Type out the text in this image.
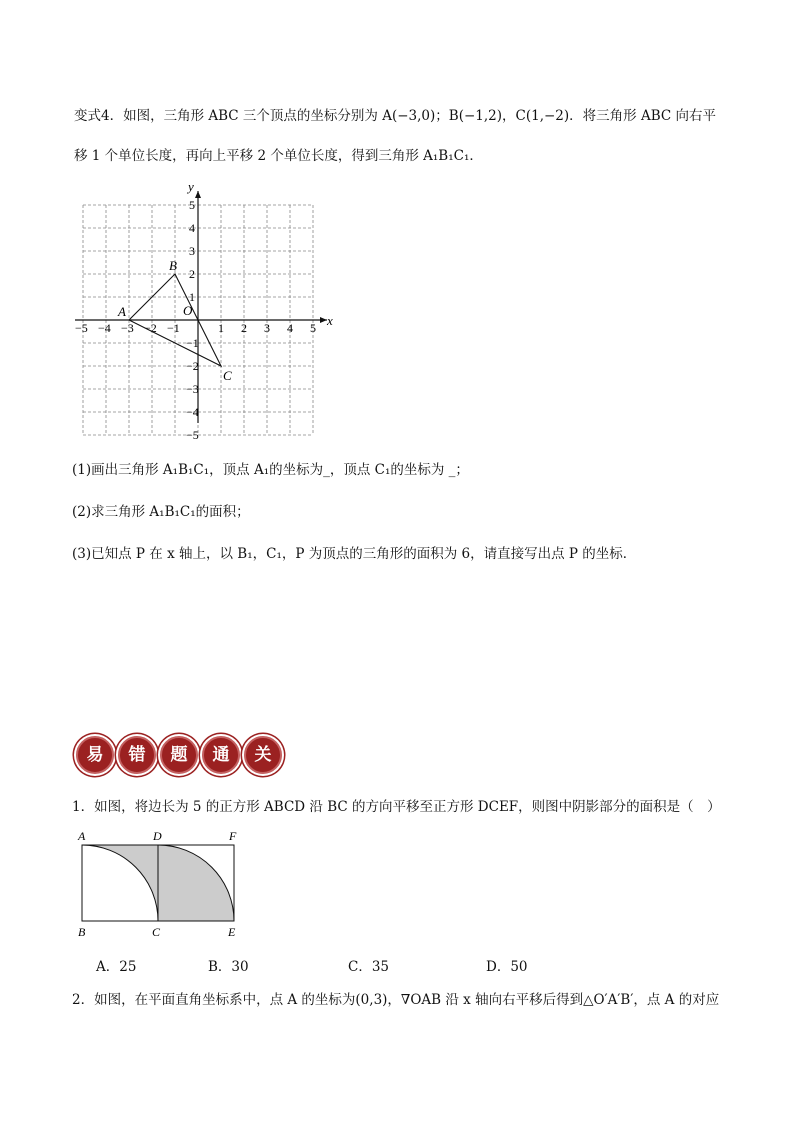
变式4．如图，三角形 ABC 三个顶点的坐标分别为 A(−3,0)；B(−1,2)，C(1,−2)．将三角形 ABC 向右平
移 1 个单位长度，再向上平移 2 个单位长度，得到三角形 A₁B₁C₁．
x
y
O
−5 −4 −3 −2 −1	1 2 3 4 5
5
4
3
2
1
−1
−2
−3
−4
−5
A
B
C
(1)画出三角形 A₁B₁C₁，顶点 A₁的坐标为_，顶点 C₁的坐标为 _；
(2)求三角形 A₁B₁C₁的面积；
(3)已知点 P 在 x 轴上，以 B₁，C₁，P 为顶点的三角形的面积为 6，请直接写出点 P 的坐标．
易	错	题	通	关
1．如图，将边长为 5 的正方形 ABCD 沿 BC 的方向平移至正方形 DCEF，则图中阴影部分的面积是（　）
A	D	F
B	C	E
A．25	B．30	C．35	D．50
2．如图，在平面直角坐标系中，点 A 的坐标为(0,3)，∇OAB 沿 x 轴向右平移后得到△O′A′B′，点 A 的对应
